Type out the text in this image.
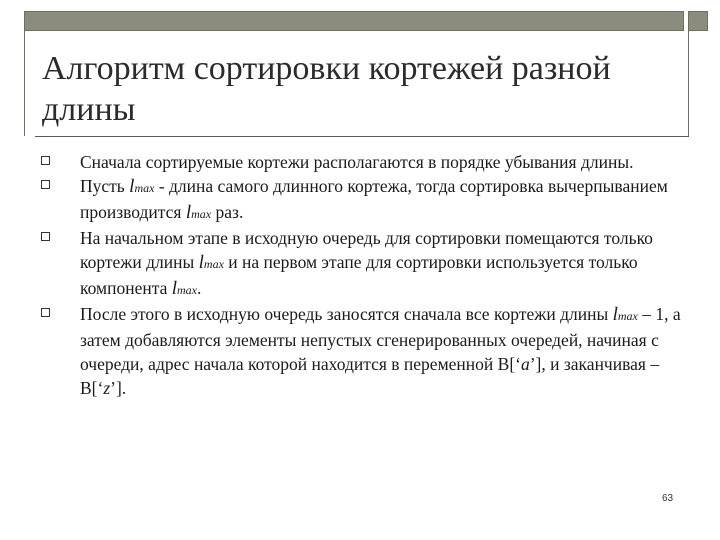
Алгоритм сортировки кортежей разной длины
Сначала сортируемые кортежи располагаются в порядке убывания длины.
Пусть lmax - длина самого длинного кортежа, тогда сортировка вычерпыванием производится lmax раз.
На начальном этапе в исходную очередь для сортировки помещаются только кортежи длины lmax и на первом этапе для сортировки используется только компонента lmax.
После этого в исходную очередь заносятся сначала все кортежи длины lmax – 1, а затем добавляются элементы непустых сгенерированных очередей, начиная с очереди, адрес начала которой находится в переменной B[‘a’], и заканчивая – B[‘z’].
63
